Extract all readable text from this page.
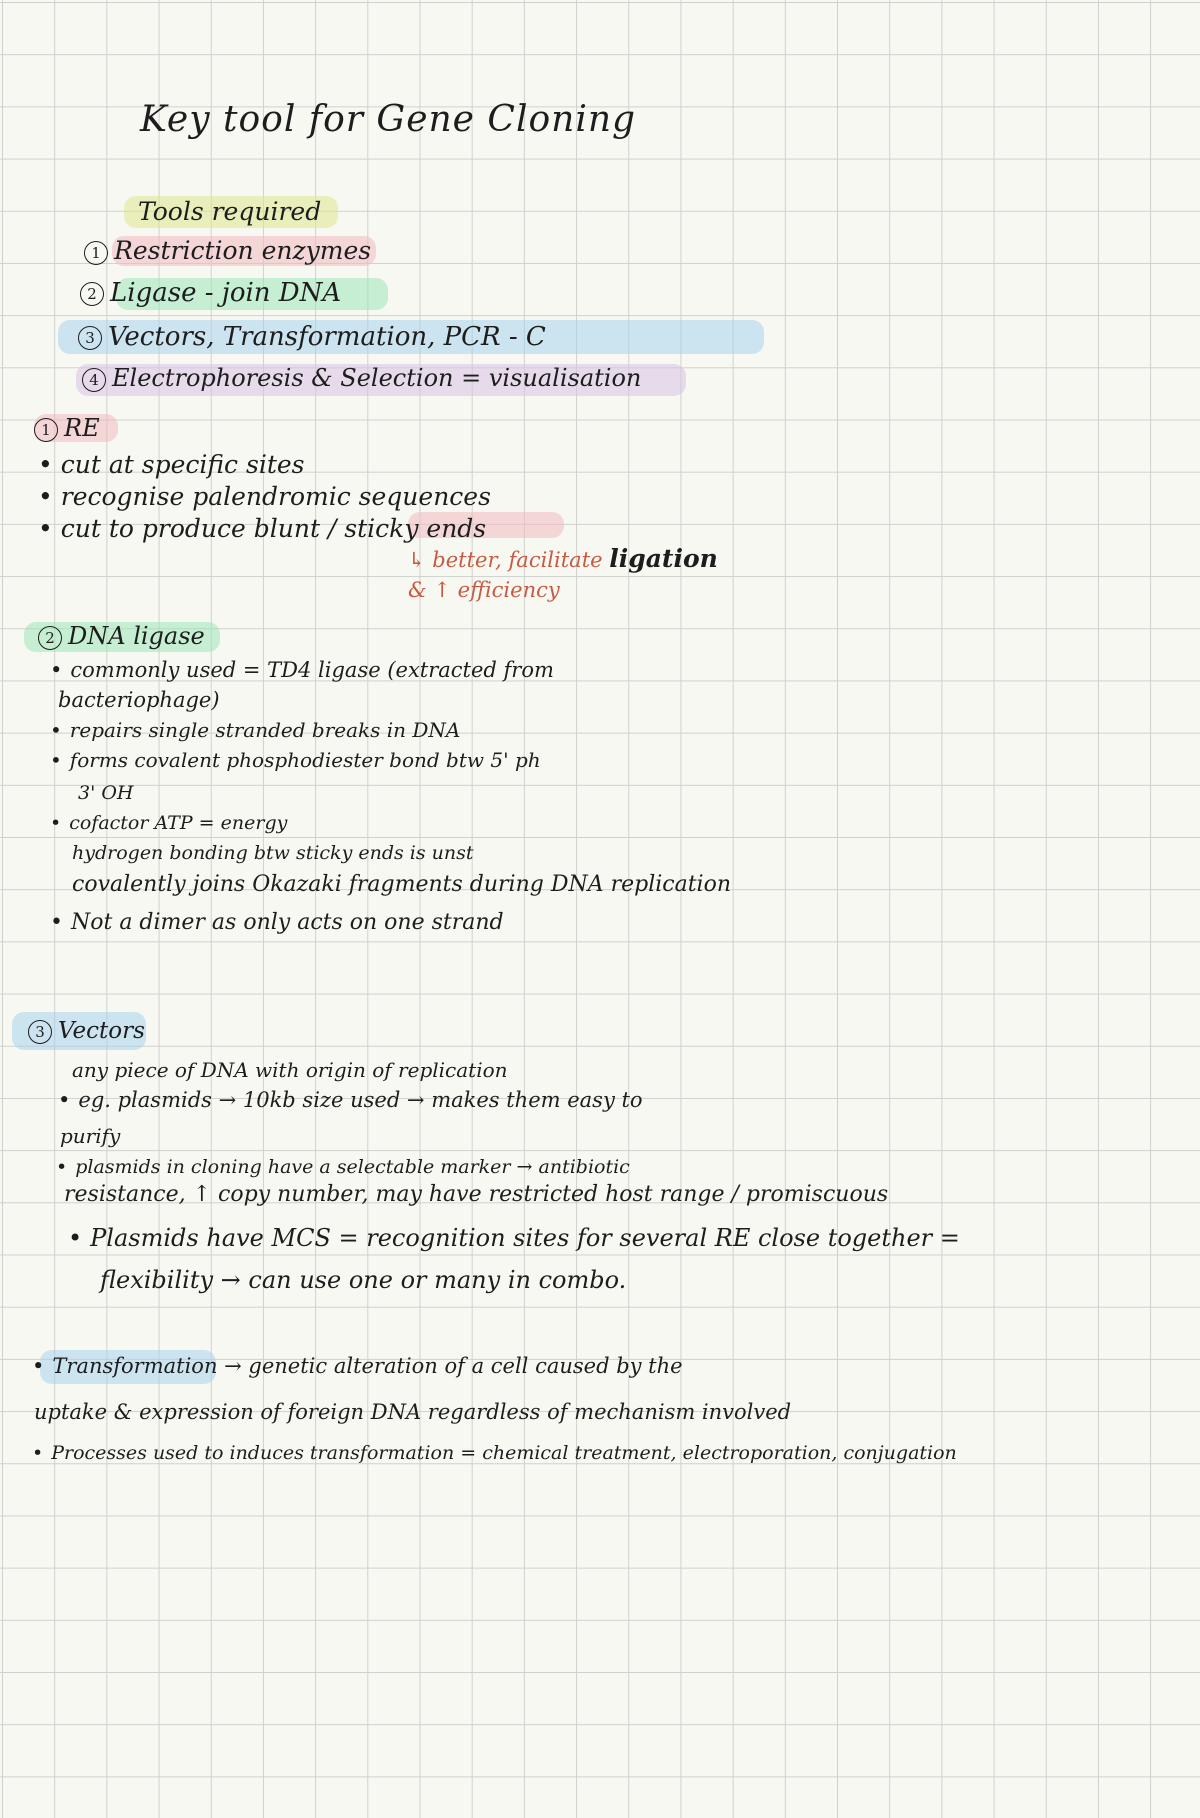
Key tool for Gene Cloning
Tools required
1 Restriction enzymes
2 Ligase - join DNA
3 Vectors, Transformation, PCR - C
4 Electrophoresis & Selection = visualisation
1 RE
• cut at specific sites
• recognise palendromic sequences
• cut to produce blunt / sticky ends
↳ better, facilitate ligation
& ↑ efficiency
2 DNA ligase
• commonly used = TD4 ligase (extracted from
bacteriophage)
• repairs single stranded breaks in DNA
• forms covalent phosphodiester bond btw 5' ph
3' OH
• cofactor ATP = energy
hydrogen bonding btw sticky ends is unst
covalently joins Okazaki fragments during DNA replication
• Not a dimer as only acts on one strand
3 Vectors
any piece of DNA with origin of replication
• eg. plasmids → 10kb size used → makes them easy to
purify
• plasmids in cloning have a selectable marker → antibiotic
resistance, ↑ copy number, may have restricted host range / promiscuous
• Plasmids have MCS = recognition sites for several RE close together =
flexibility → can use one or many in combo.
• Transformation → genetic alteration of a cell caused by the
uptake & expression of foreign DNA regardless of mechanism involved
• Processes used to induces transformation = chemical treatment, electroporation, conjugation
